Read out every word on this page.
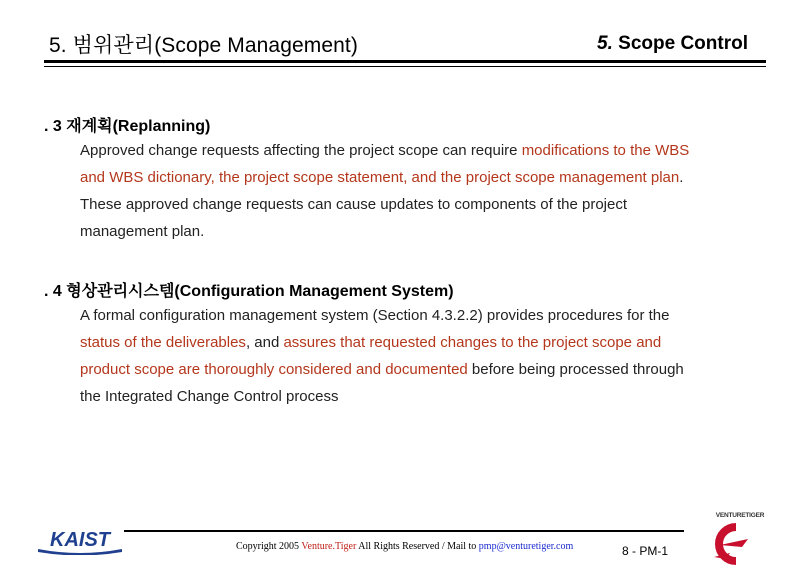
5. 범위관리(Scope Management)	5. Scope Control
. 3 재계획(Replanning)
Approved change requests affecting the project scope can require modifications to the WBS
and WBS dictionary, the project scope statement, and the project scope management plan.
These approved change requests can cause updates to components of the project
management plan.
. 4 형상관리시스템(Configuration Management System)
A formal configuration management system (Section 4.3.2.2) provides procedures for the
status of the deliverables, and assures that requested changes to the project scope and
product scope are thoroughly considered and documented before being processed through
the Integrated Change Control process
KAIST	Copyright 2005 Venture.Tiger All Rights Reserved / Mail to pmp@venturetiger.com	8 - PM-1
VENTURETIGER
